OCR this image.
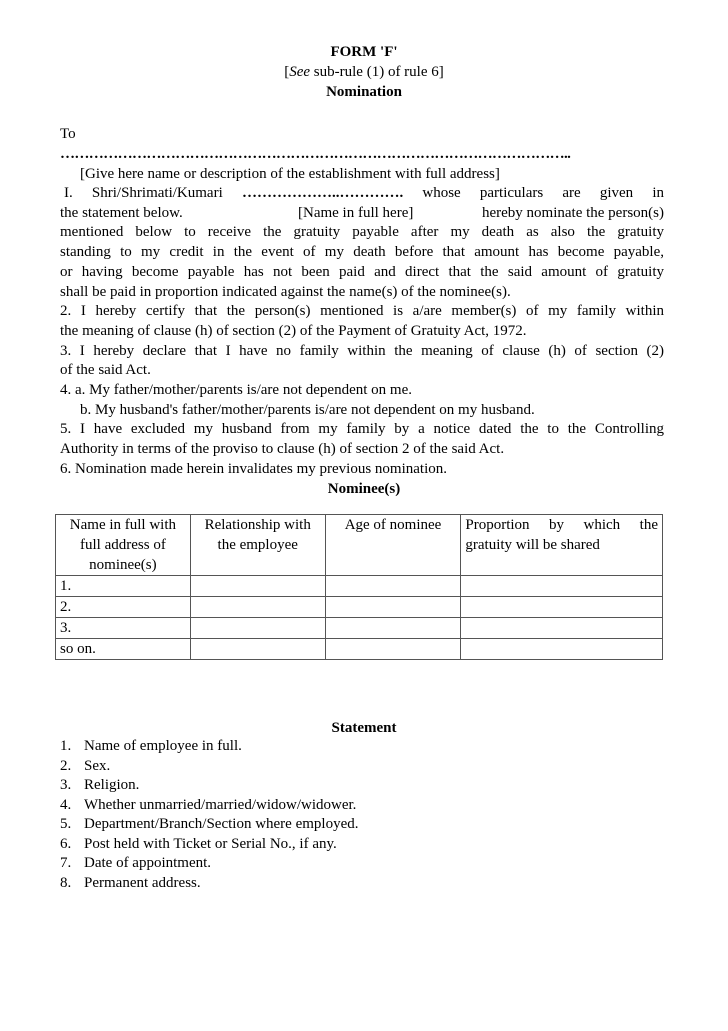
FORM 'F'
[See sub-rule (1) of rule 6]
Nomination
To
……………………………………………………………………………………………..
[Give here name or description of the establishment with full address]
I. Shri/Shrimati/Kumari ………………..…………. whose particulars are given in
the statement below.	[Name in full here]	hereby nominate the person(s)
mentioned below to receive the gratuity payable after my death as also the gratuity
standing to my credit in the event of my death before that amount has become payable,
or having become payable has not been paid and direct that the said amount of gratuity
shall be paid in proportion indicated against the name(s) of the nominee(s).
2. I hereby certify that the person(s) mentioned is a/are member(s) of my family within
the meaning of clause (h) of section (2) of the Payment of Gratuity Act, 1972.
3. I hereby declare that I have no family within the meaning of clause (h) of section (2)
of the said Act.
4. a. My father/mother/parents is/are not dependent on me.
b. My husband's father/mother/parents is/are not dependent on my husband.
5. I have excluded my husband from my family by a notice dated the to the Controlling
Authority in terms of the proviso to clause (h) of section 2 of the said Act.
6. Nomination made herein invalidates my previous nomination.
Nominee(s)
Name in full with full address of nominee(s)	Relationship with the employee	Age of nominee	Proportion by which the gratuity will be shared
1.			
2.			
3.			
so on.			
Statement
1. Name of employee in full.
2. Sex.
3. Religion.
4. Whether unmarried/married/widow/widower.
5. Department/Branch/Section where employed.
6. Post held with Ticket or Serial No., if any.
7. Date of appointment.
8. Permanent address.
